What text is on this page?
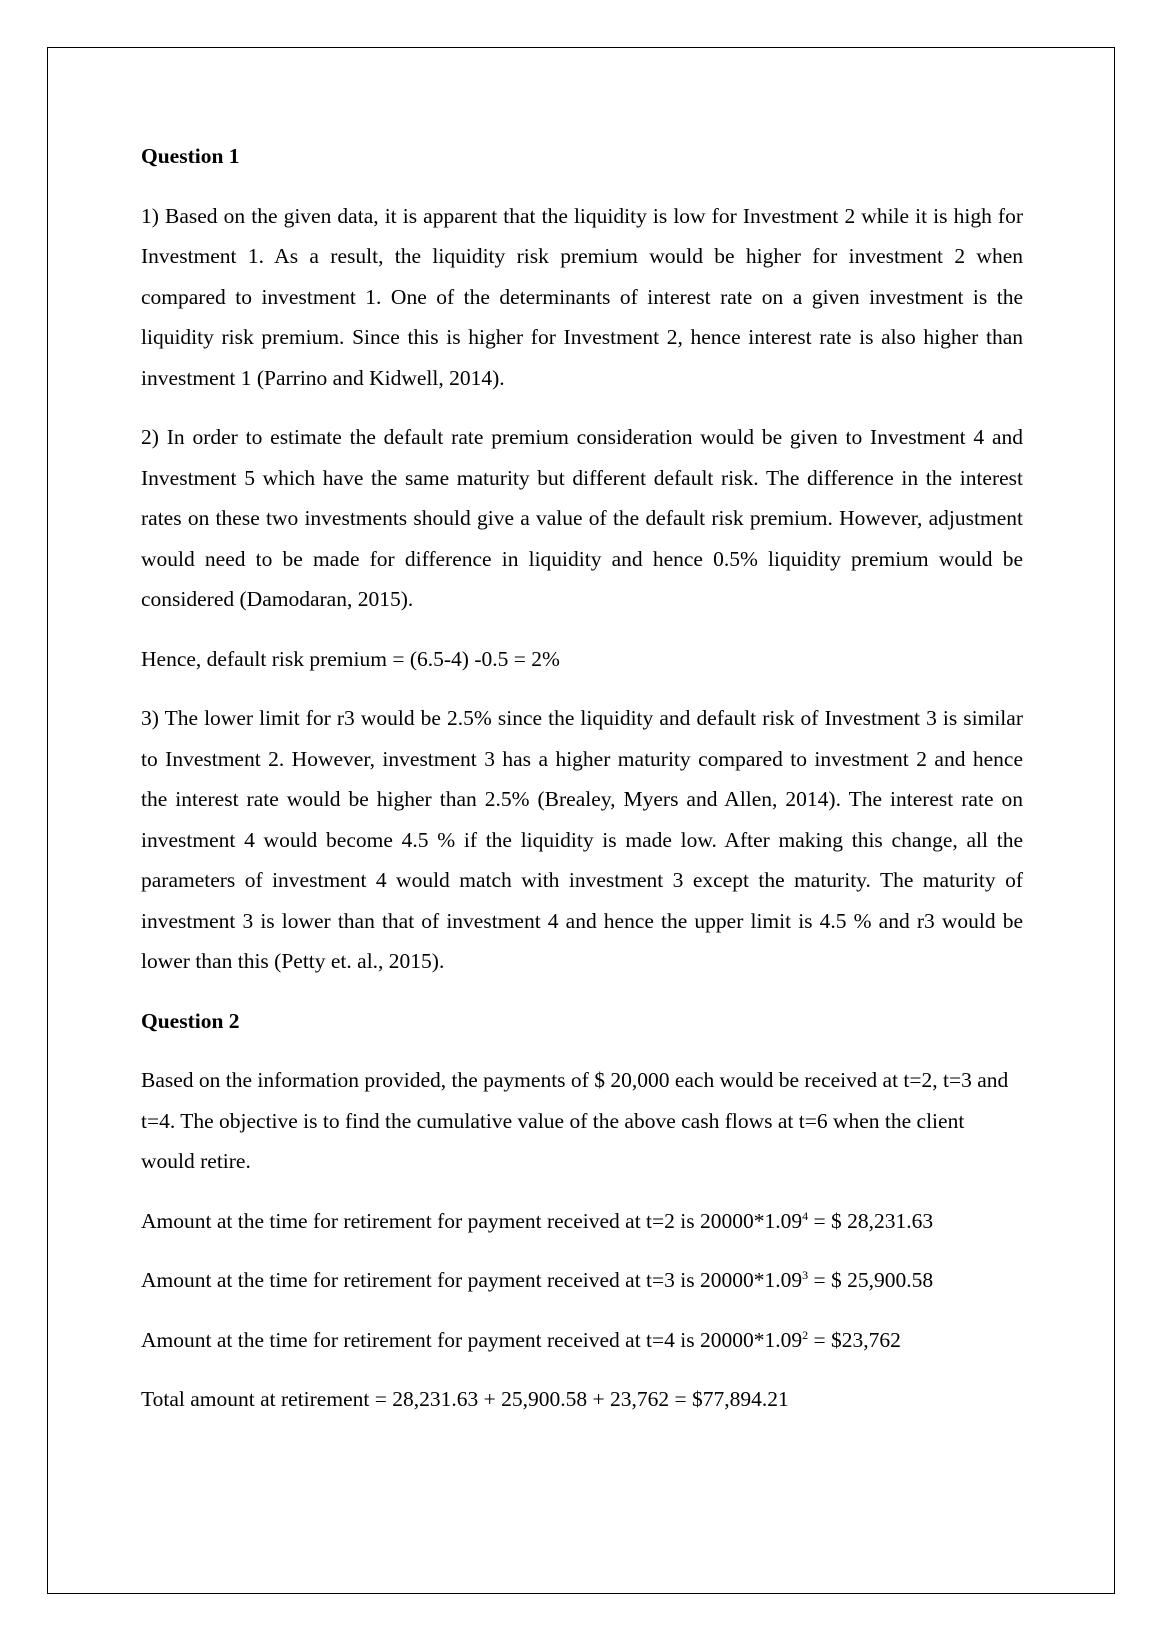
Question 1

1) Based on the given data, it is apparent that the liquidity is low for Investment 2 while it is high for Investment 1. As a result, the liquidity risk premium would be higher for investment 2 when compared to investment 1. One of the determinants of interest rate on a given investment is the liquidity risk premium. Since this is higher for Investment 2, hence interest rate is also higher than investment 1 (Parrino and Kidwell, 2014).

2) In order to estimate the default rate premium consideration would be given to Investment 4 and Investment 5 which have the same maturity but different default risk. The difference in the interest rates on these two investments should give a value of the default risk premium. However, adjustment would need to be made for difference in liquidity and hence 0.5% liquidity premium would be considered (Damodaran, 2015).

Hence, default risk premium = (6.5-4) -0.5 = 2%

3) The lower limit for r3 would be 2.5% since the liquidity and default risk of Investment 3 is similar to Investment 2. However, investment 3 has a higher maturity compared to investment 2 and hence the interest rate would be higher than 2.5% (Brealey, Myers and Allen, 2014). The interest rate on investment 4 would become 4.5 % if the liquidity is made low. After making this change, all the parameters of investment 4 would match with investment 3 except the maturity. The maturity of investment 3 is lower than that of investment 4 and hence the upper limit is 4.5 % and r3 would be lower than this (Petty et. al., 2015).

Question 2

Based on the information provided, the payments of $ 20,000 each would be received at t=2, t=3 and t=4. The objective is to find the cumulative value of the above cash flows at t=6 when the client would retire.

Amount at the time for retirement for payment received at t=2 is $20000*1.09^4$ = $ 28,231.63

Amount at the time for retirement for payment received at t=3 is $20000*1.09^3$ = $ 25,900.58

Amount at the time for retirement for payment received at t=4 is $20000*1.09^2$ = $23,762

Total amount at retirement = 28,231.63 + 25,900.58 + 23,762 = $77,894.21
